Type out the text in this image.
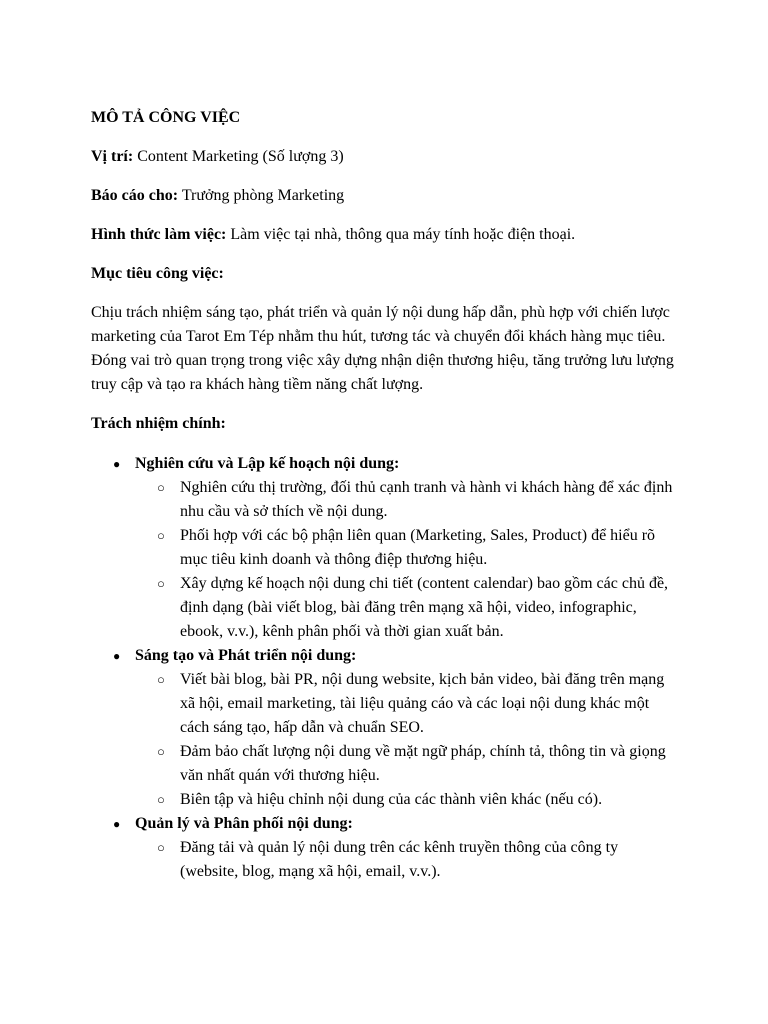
MÔ TẢ CÔNG VIỆC

Vị trí: Content Marketing (Số lượng 3)

Báo cáo cho: Trưởng phòng Marketing

Hình thức làm việc: Làm việc tại nhà, thông qua máy tính hoặc điện thoại.

Mục tiêu công việc:

Chịu trách nhiệm sáng tạo, phát triển và quản lý nội dung hấp dẫn, phù hợp với chiến lược marketing của Tarot Em Tép nhằm thu hút, tương tác và chuyển đổi khách hàng mục tiêu. Đóng vai trò quan trọng trong việc xây dựng nhận diện thương hiệu, tăng trưởng lưu lượng truy cập và tạo ra khách hàng tiềm năng chất lượng.

Trách nhiệm chính:

● Nghiên cứu và Lập kế hoạch nội dung:
○ Nghiên cứu thị trường, đối thủ cạnh tranh và hành vi khách hàng để xác định nhu cầu và sở thích về nội dung.
○ Phối hợp với các bộ phận liên quan (Marketing, Sales, Product) để hiểu rõ mục tiêu kinh doanh và thông điệp thương hiệu.
○ Xây dựng kế hoạch nội dung chi tiết (content calendar) bao gồm các chủ đề, định dạng (bài viết blog, bài đăng trên mạng xã hội, video, infographic, ebook, v.v.), kênh phân phối và thời gian xuất bản.
● Sáng tạo và Phát triển nội dung:
○ Viết bài blog, bài PR, nội dung website, kịch bản video, bài đăng trên mạng xã hội, email marketing, tài liệu quảng cáo và các loại nội dung khác một cách sáng tạo, hấp dẫn và chuẩn SEO.
○ Đảm bảo chất lượng nội dung về mặt ngữ pháp, chính tả, thông tin và giọng văn nhất quán với thương hiệu.
○ Biên tập và hiệu chỉnh nội dung của các thành viên khác (nếu có).
● Quản lý và Phân phối nội dung:
○ Đăng tải và quản lý nội dung trên các kênh truyền thông của công ty (website, blog, mạng xã hội, email, v.v.).
